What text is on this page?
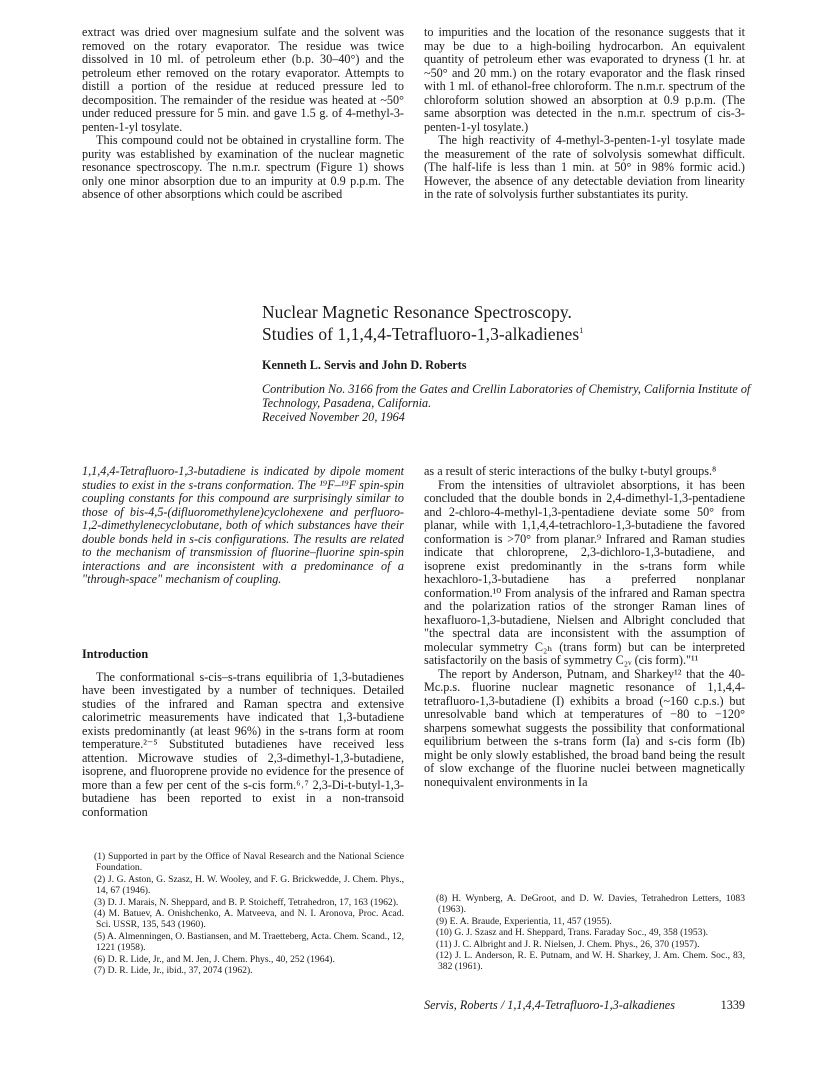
extract was dried over magnesium sulfate and the solvent was removed on the rotary evaporator. The residue was twice dissolved in 10 ml. of petroleum ether (b.p. 30–40°) and the petroleum ether removed on the rotary evaporator. Attempts to distill a portion of the residue at reduced pressure led to decomposition. The remainder of the residue was heated at ~50° under reduced pressure for 5 min. and gave 1.5 g. of 4-methyl-3-penten-1-yl tosylate.

This compound could not be obtained in crystalline form. The purity was established by examination of the nuclear magnetic resonance spectroscopy. The n.m.r. spectrum (Figure 1) shows only one minor absorption due to an impurity at 0.9 p.p.m. The absence of other absorptions which could be ascribed

to impurities and the location of the resonance suggests that it may be due to a high-boiling hydrocarbon. An equivalent quantity of petroleum ether was evaporated to dryness (1 hr. at ~50° and 20 mm.) on the rotary evaporator and the flask rinsed with 1 ml. of ethanol-free chloroform. The n.m.r. spectrum of the chloroform solution showed an absorption at 0.9 p.p.m. (The same absorption was detected in the n.m.r. spectrum of cis-3-penten-1-yl tosylate.)

The high reactivity of 4-methyl-3-penten-1-yl tosylate made the measurement of the rate of solvolysis somewhat difficult. (The half-life is less than 1 min. at 50° in 98% formic acid.) However, the absence of any detectable deviation from linearity in the rate of solvolysis further substantiates its purity.

Nuclear Magnetic Resonance Spectroscopy.
Studies of 1,1,4,4-Tetrafluoro-1,3-alkadienes$^1$
Kenneth L. Servis and John D. Roberts
Contribution No. 3166 from the Gates and Crellin Laboratories of Chemistry, California Institute of Technology, Pasadena, California.
Received November 20, 1964

1,1,4,4-Tetrafluoro-1,3-butadiene is indicated by dipole moment studies to exist in the s-trans conformation. The ¹⁹F–¹⁹F spin-spin coupling constants for this compound are surprisingly similar to those of bis-4,5-(difluoromethylene)cyclohexene and perfluoro-1,2-dimethylenecyclobutane, both of which substances have their double bonds held in s-cis configurations. The results are related to the mechanism of transmission of fluorine–fluorine spin-spin interactions and are inconsistent with a predominance of a "through-space" mechanism of coupling.

Introduction

The conformational s-cis–s-trans equilibria of 1,3-butadienes have been investigated by a number of techniques. Detailed studies of the infrared and Raman spectra and extensive calorimetric measurements have indicated that 1,3-butadiene exists predominantly (at least 96%) in the s-trans form at room temperature.²⁻⁵ Substituted butadienes have received less attention. Microwave studies of 2,3-dimethyl-1,3-butadiene, isoprene, and fluoroprene provide no evidence for the presence of more than a few per cent of the s-cis form.⁶˒⁷ 2,3-Di-t-butyl-1,3-butadiene has been reported to exist in a non-transoid conformation

as a result of steric interactions of the bulky t-butyl groups.⁸

From the intensities of ultraviolet absorptions, it has been concluded that the double bonds in 2,4-dimethyl-1,3-pentadiene and 2-chloro-4-methyl-1,3-pentadiene deviate some 50° from planar, while with 1,1,4,4-tetrachloro-1,3-butadiene the favored conformation is >70° from planar.⁹ Infrared and Raman studies indicate that chloroprene, 2,3-dichloro-1,3-butadiene, and isoprene exist predominantly in the s-trans form while hexachloro-1,3-butadiene has a preferred nonplanar conformation.¹⁰ From analysis of the infrared and Raman spectra and the polarization ratios of the stronger Raman lines of hexafluoro-1,3-butadiene, Nielsen and Albright concluded that "the spectral data are inconsistent with the assumption of molecular symmetry C₂ₕ (trans form) but can be interpreted satisfactorily on the basis of symmetry C₂ᵥ (cis form)."¹¹

The report by Anderson, Putnam, and Sharkey¹² that the 40-Mc.p.s. fluorine nuclear magnetic resonance of 1,1,4,4-tetrafluoro-1,3-butadiene (I) exhibits a broad (~160 c.p.s.) but unresolvable band which at temperatures of −80 to −120° sharpens somewhat suggests the possibility that conformational equilibrium between the s-trans form (Ia) and s-cis form (Ib) might be only slowly established, the broad band being the result of slow exchange of the fluorine nuclei between magnetically nonequivalent environments in Ia

(1) Supported in part by the Office of Naval Research and the National Science Foundation.

(2) J. G. Aston, G. Szasz, H. W. Wooley, and F. G. Brickwedde, J. Chem. Phys., 14, 67 (1946).

(3) D. J. Marais, N. Sheppard, and B. P. Stoicheff, Tetrahedron, 17, 163 (1962).

(4) M. Batuev, A. Onishchenko, A. Matveeva, and N. I. Aronova, Proc. Acad. Sci. USSR, 135, 543 (1960).

(5) A. Almenningen, O. Bastiansen, and M. Traetteberg, Acta. Chem. Scand., 12, 1221 (1958).

(6) D. R. Lide, Jr., and M. Jen, J. Chem. Phys., 40, 252 (1964).

(7) D. R. Lide, Jr., ibid., 37, 2074 (1962).

(8) H. Wynberg, A. DeGroot, and D. W. Davies, Tetrahedron Letters, 1083 (1963).

(9) E. A. Braude, Experientia, 11, 457 (1955).

(10) G. J. Szasz and H. Sheppard, Trans. Faraday Soc., 49, 358 (1953).

(11) J. C. Albright and J. R. Nielsen, J. Chem. Phys., 26, 370 (1957).

(12) J. L. Anderson, R. E. Putnam, and W. H. Sharkey, J. Am. Chem. Soc., 83, 382 (1961).

Servis, Roberts / 1,1,4,4-Tetrafluoro-1,3-alkadienes	1339
